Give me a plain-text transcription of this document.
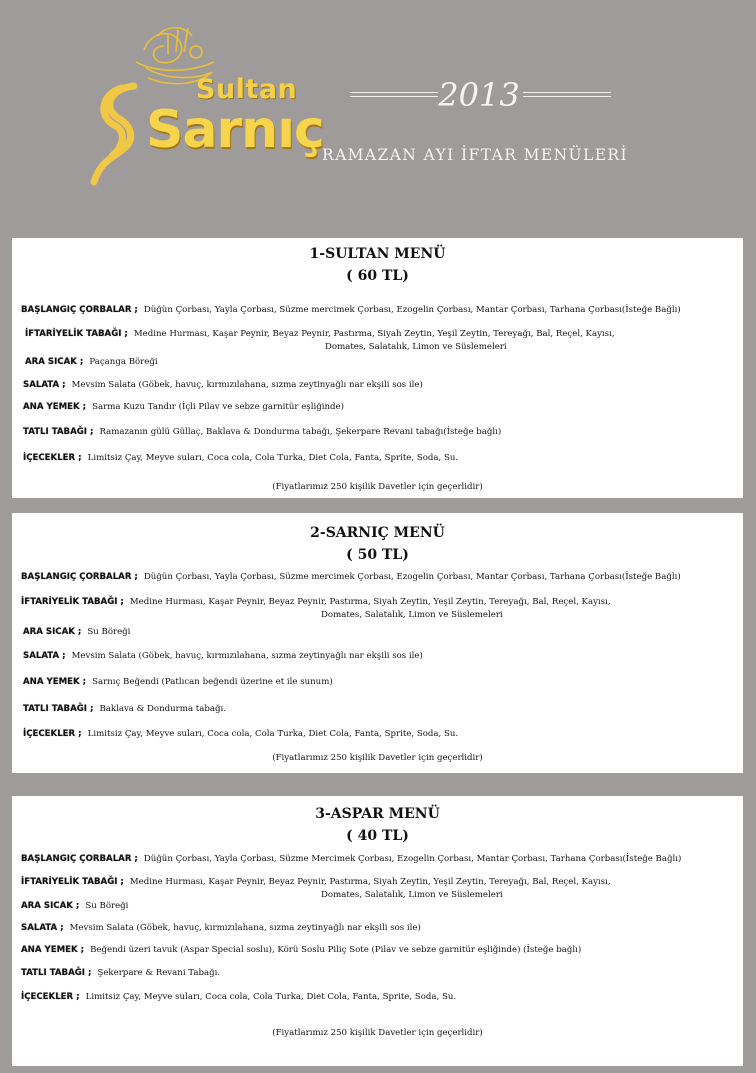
Sultan
Sarnıç
2013
RAMAZAN AYI İFTAR MENÜLERİ
1-SULTAN MENÜ
( 60 TL)
BAŞLANGIÇ ÇORBALAR ; Düğün Çorbası, Yayla Çorbası, Süzme mercimek Çorbası, Ezogelin Çorbası, Mantar Çorbası, Tarhana Çorbası(İsteğe Bağlı)
İFTARİYELİK TABAĞI ; Medine Hurması, Kaşar Peynir, Beyaz Peynir, Pastırma, Siyah Zeytin, Yeşil Zeytin, Tereyağı, Bal, Reçel, Kayısı,
Domates, Salatalık, Limon ve Süslemeleri
ARA SICAK ; Paçanga Böreği
SALATA ; Mevsim Salata (Göbek, havuç, kırmızılahana, sızma zeytinyağlı nar ekşili sos ile)
ANA YEMEK ; Sarma Kuzu Tandır (İçli Pilav ve sebze garnitür eşliğinde)
TATLI TABAĞI ; Ramazanın gülü Güllaç, Baklava & Dondurma tabağı, Şekerpare Revani tabağı(İsteğe bağlı)
İÇECEKLER ; Limitsiz Çay, Meyve suları, Coca cola, Cola Turka, Diet Cola, Fanta, Sprite, Soda, Su.
(Fiyatlarımız 250 kişilik Davetler için geçerlidir)
2-SARNIÇ MENÜ
( 50 TL)
BAŞLANGIÇ ÇORBALAR ; Düğün Çorbası, Yayla Çorbası, Süzme mercimek Çorbası, Ezogelin Çorbası, Mantar Çorbası, Tarhana Çorbası(İsteğe Bağlı)
İFTARİYELİK TABAĞI ; Medine Hurması, Kaşar Peynir, Beyaz Peynir, Pastırma, Siyah Zeytin, Yeşil Zeytin, Tereyağı, Bal, Reçel, Kayısı,
Domates, Salatalık, Limon ve Süslemeleri
ARA SICAK ; Su Böreği
SALATA ; Mevsim Salata (Göbek, havuç, kırmızılahana, sızma zeytinyağlı nar ekşili sos ile)
ANA YEMEK ; Sarnıç Beğendi (Patlıcan beğendi üzerine et ile sunum)
TATLI TABAĞI ; Baklava & Dondurma tabağı.
İÇECEKLER ; Limitsiz Çay, Meyve suları, Coca cola, Cola Turka, Diet Cola, Fanta, Sprite, Soda, Su.
(Fiyatlarımız 250 kişilik Davetler için geçerlidir)
3-ASPAR MENÜ
( 40 TL)
BAŞLANGIÇ ÇORBALAR ; Düğün Çorbası, Yayla Çorbası, Süzme Mercimek Çorbası, Ezogelin Çorbası, Mantar Çorbası, Tarhana Çorbası(İsteğe Bağlı)
İFTARİYELİK TABAĞI ; Medine Hurması, Kaşar Peynir, Beyaz Peynir, Pastırma, Siyah Zeytin, Yeşil Zeytin, Tereyağı, Bal, Reçel, Kayısı,
Domates, Salatalık, Limon ve Süslemeleri
ARA SICAK ; Su Böreği
SALATA ; Mevsim Salata (Göbek, havuç, kırmızılahana, sızma zeytinyağlı nar ekşili sos ile)
ANA YEMEK ; Beğendi üzeri tavuk (Aspar Special soslu), Körü Soslu Piliç Sote (Pilav ve sebze garnitür eşliğinde) (İsteğe bağlı)
TATLI TABAĞI ; Şekerpare & Revani Tabağı.
İÇECEKLER ; Limitsiz Çay, Meyve suları, Coca cola, Cola Turka, Diet Cola, Fanta, Sprite, Soda, Su.
(Fiyatlarımız 250 kişilik Davetler için geçerlidir)
